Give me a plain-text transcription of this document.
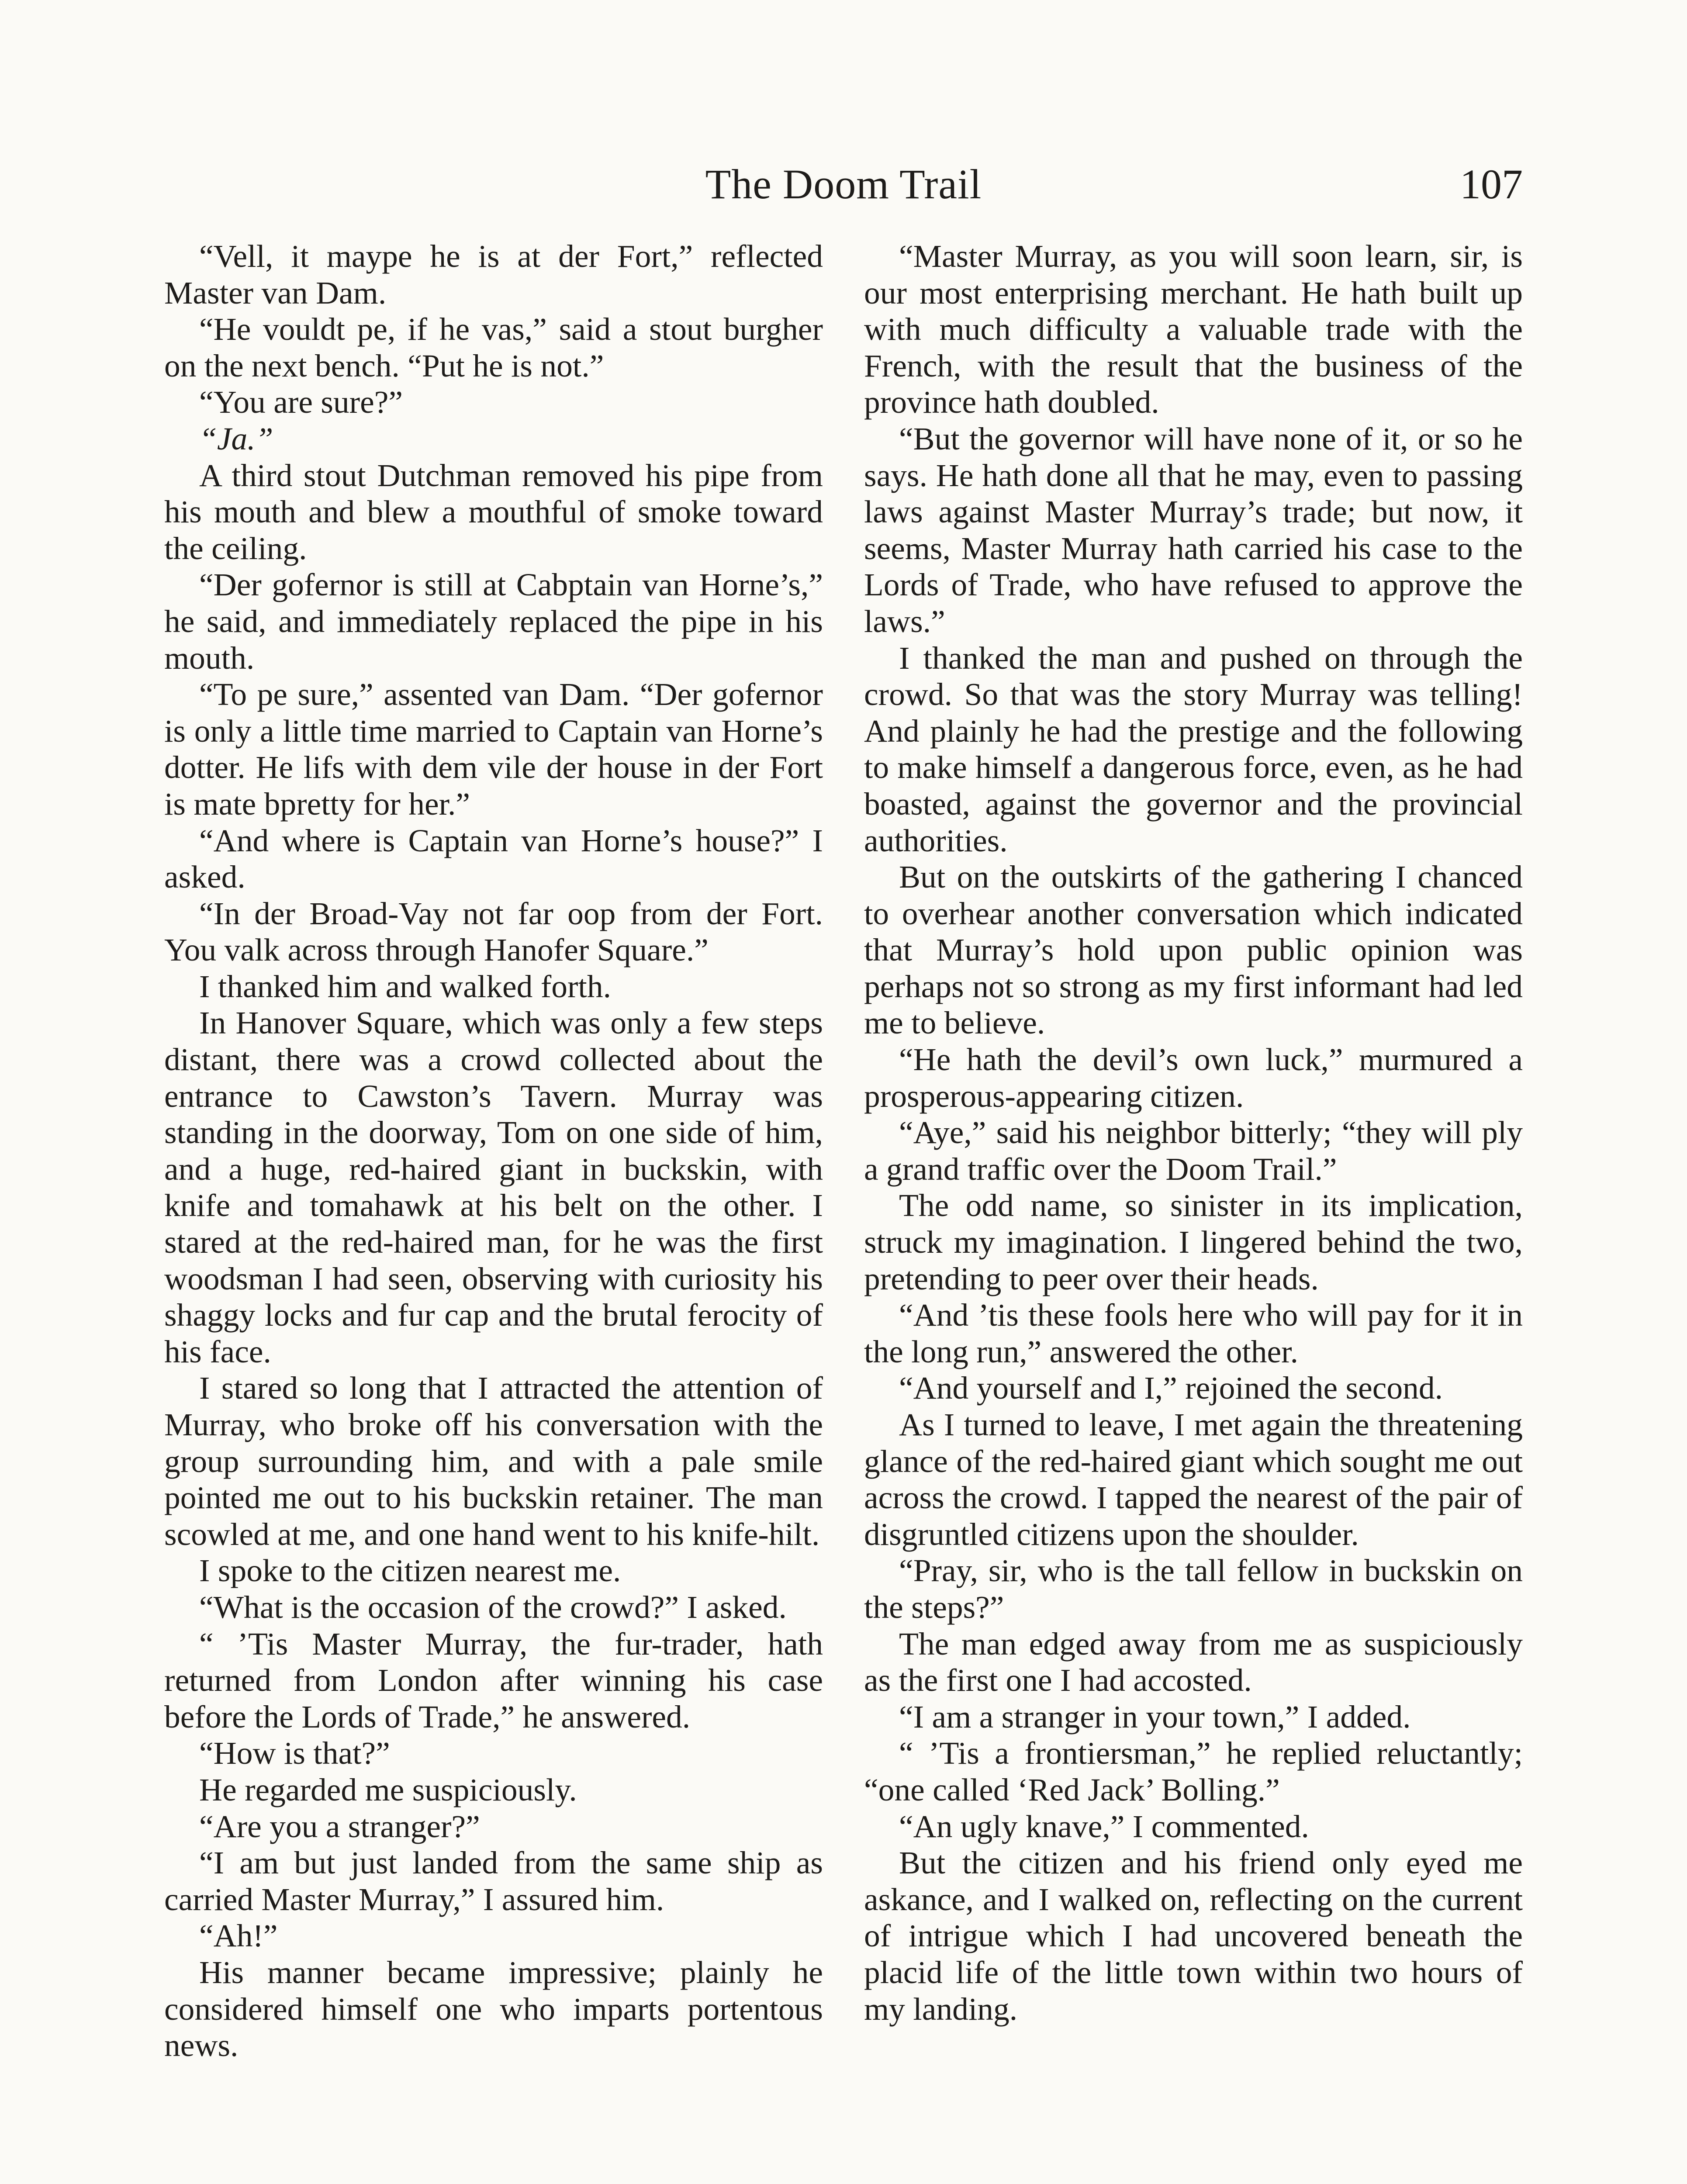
The Doom Trail	107

“Vell, it maype he is at der Fort,” reflected Master van Dam.

“He vouldt pe, if he vas,” said a stout burgher on the next bench. “Put he is not.”

“You are sure?”

“Ja.”

A third stout Dutchman removed his pipe from his mouth and blew a mouthful of smoke toward the ceiling.

“Der gofernor is still at Cabptain van Horne’s,” he said, and immediately replaced the pipe in his mouth.

“To pe sure,” assented van Dam. “Der gofernor is only a little time married to Captain van Horne’s dotter. He lifs with dem vile der house in der Fort is mate bpretty for her.”

“And where is Captain van Horne’s house?” I asked.

“In der Broad-Vay not far oop from der Fort. You valk across through Hanofer Square.”

I thanked him and walked forth.

In Hanover Square, which was only a few steps distant, there was a crowd collected about the entrance to Cawston’s Tavern. Murray was standing in the doorway, Tom on one side of him, and a huge, red-haired giant in buckskin, with knife and tomahawk at his belt on the other. I stared at the red-haired man, for he was the first woodsman I had seen, observing with curiosity his shaggy locks and fur cap and the brutal ferocity of his face.

I stared so long that I attracted the attention of Murray, who broke off his conversation with the group surrounding him, and with a pale smile pointed me out to his buckskin retainer. The man scowled at me, and one hand went to his knife-hilt.

I spoke to the citizen nearest me.

“What is the occasion of the crowd?” I asked.

“ ’Tis Master Murray, the fur-trader, hath returned from London after winning his case before the Lords of Trade,” he answered.

“How is that?”

He regarded me suspiciously.

“Are you a stranger?”

“I am but just landed from the same ship as carried Master Murray,” I assured him.

“Ah!”

His manner became impressive; plainly he considered himself one who imparts portentous news.

“Master Murray, as you will soon learn, sir, is our most enterprising merchant. He hath built up with much difficulty a valuable trade with the French, with the result that the business of the province hath doubled.

“But the governor will have none of it, or so he says. He hath done all that he may, even to passing laws against Master Murray’s trade; but now, it seems, Master Murray hath carried his case to the Lords of Trade, who have refused to approve the laws.”

I thanked the man and pushed on through the crowd. So that was the story Murray was telling! And plainly he had the prestige and the following to make himself a dangerous force, even, as he had boasted, against the governor and the provincial authorities.

But on the outskirts of the gathering I chanced to overhear another conversation which indicated that Murray’s hold upon public opinion was perhaps not so strong as my first informant had led me to believe.

“He hath the devil’s own luck,” murmured a prosperous-appearing citizen.

“Aye,” said his neighbor bitterly; “they will ply a grand traffic over the Doom Trail.”

The odd name, so sinister in its implication, struck my imagination. I lingered behind the two, pretending to peer over their heads.

“And ’tis these fools here who will pay for it in the long run,” answered the other.

“And yourself and I,” rejoined the second.

As I turned to leave, I met again the threatening glance of the red-haired giant which sought me out across the crowd. I tapped the nearest of the pair of disgruntled citizens upon the shoulder.

“Pray, sir, who is the tall fellow in buckskin on the steps?”

The man edged away from me as suspiciously as the first one I had accosted.

“I am a stranger in your town,” I added.

“ ’Tis a frontiersman,” he replied reluctantly; “one called ‘Red Jack’ Bolling.”

“An ugly knave,” I commented.

But the citizen and his friend only eyed me askance, and I walked on, reflecting on the current of intrigue which I had uncovered beneath the placid life of the little town within two hours of my landing.
